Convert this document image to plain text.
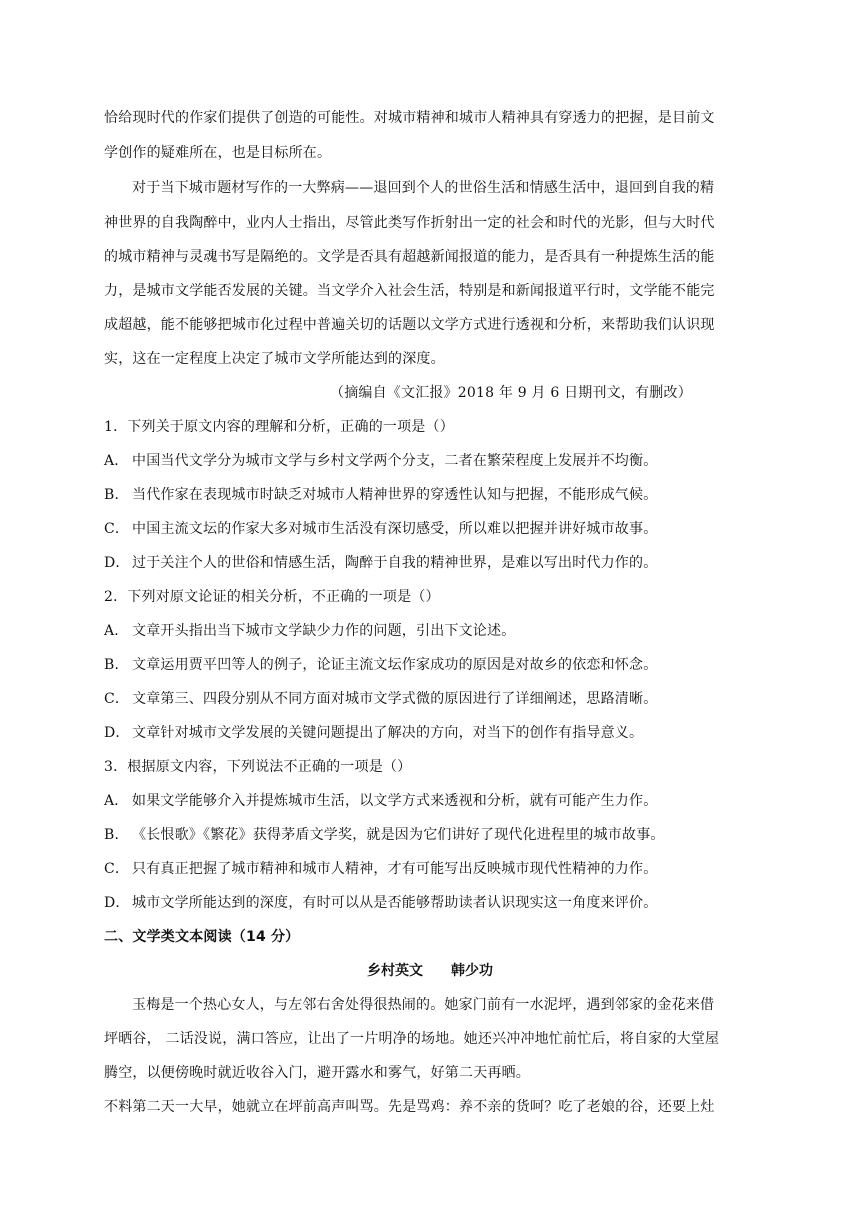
恰给现时代的作家们提供了创造的可能性。对城市精神和城市人精神具有穿透力的把握，是目前文
学创作的疑难所在，也是目标所在。
对于当下城市题材写作的一大弊病——退回到个人的世俗生活和情感生活中，退回到自我的精
神世界的自我陶醉中，业内人士指出，尽管此类写作折射出一定的社会和时代的光影，但与大时代
的城市精神与灵魂书写是隔绝的。文学是否具有超越新闻报道的能力，是否具有一种提炼生活的能
力，是城市文学能否发展的关键。当文学介入社会生活，特别是和新闻报道平行时，文学能不能完
成超越，能不能够把城市化过程中普遍关切的话题以文学方式进行透视和分析，来帮助我们认识现
实，这在一定程度上决定了城市文学所能达到的深度。
（摘编自《文汇报》2018 年 9 月 6 日期刊文，有删改）
1．下列关于原文内容的理解和分析，正确的一项是（）
A． 中国当代文学分为城市文学与乡村文学两个分支，二者在繁荣程度上发展并不均衡。
B． 当代作家在表现城市时缺乏对城市人精神世界的穿透性认知与把握，不能形成气候。
C． 中国主流文坛的作家大多对城市生活没有深切感受，所以难以把握并讲好城市故事。
D． 过于关注个人的世俗和情感生活，陶醉于自我的精神世界，是难以写出时代力作的。
2．下列对原文论证的相关分析，不正确的一项是（）
A． 文章开头指出当下城市文学缺少力作的问题，引出下文论述。
B． 文章运用贾平凹等人的例子，论证主流文坛作家成功的原因是对故乡的依恋和怀念。
C． 文章第三、四段分别从不同方面对城市文学式微的原因进行了详细阐述，思路清晰。
D． 文章针对城市文学发展的关键问题提出了解决的方向，对当下的创作有指导意义。
3．根据原文内容，下列说法不正确的一项是（）
A． 如果文学能够介入并提炼城市生活，以文学方式来透视和分析，就有可能产生力作。
B． 《长恨歌》《繁花》获得茅盾文学奖，就是因为它们讲好了现代化进程里的城市故事。
C． 只有真正把握了城市精神和城市人精神，才有可能写出反映城市现代性精神的力作。
D． 城市文学所能达到的深度，有时可以从是否能够帮助读者认识现实这一角度来评价。
二、文学类文本阅读（14 分）
乡村英文 韩少功
玉梅是一个热心女人，与左邻右舍处得很热闹的。她家门前有一水泥坪，遇到邻家的金花来借
坪晒谷， 二话没说，满口答应，让出了一片明净的场地。她还兴冲冲地忙前忙后，将自家的大堂屋
腾空，以便傍晚时就近收谷入门，避开露水和雾气，好第二天再晒。
不料第二天一大早，她就立在坪前高声叫骂。先是骂鸡：养不亲的货呵？吃了老娘的谷，还要上灶
